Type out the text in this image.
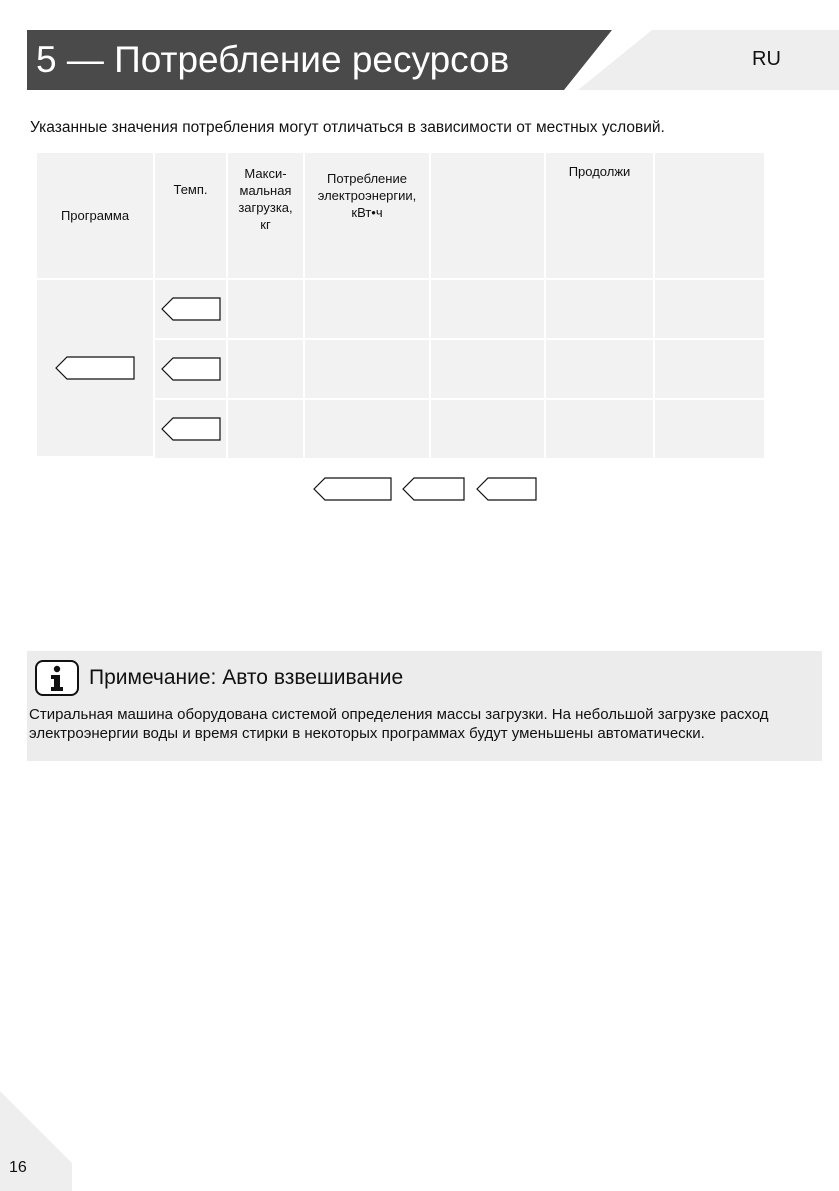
5 — Потребление ресурсов	RU

Указанные значения потребления могут отличаться в зависимости от местных условий.

Программа	Темп.	Макси-
мальная
загрузка,
кг	Потребление
электроэнергии,
кВт•ч		Продолжи	

Примечание: Авто взвешивание

Стиральная машина оборудована системой определения массы загрузки. На небольшой загрузке расход электроэнергии воды и время стирки в некоторых программах будут уменьшены автоматически.

16
